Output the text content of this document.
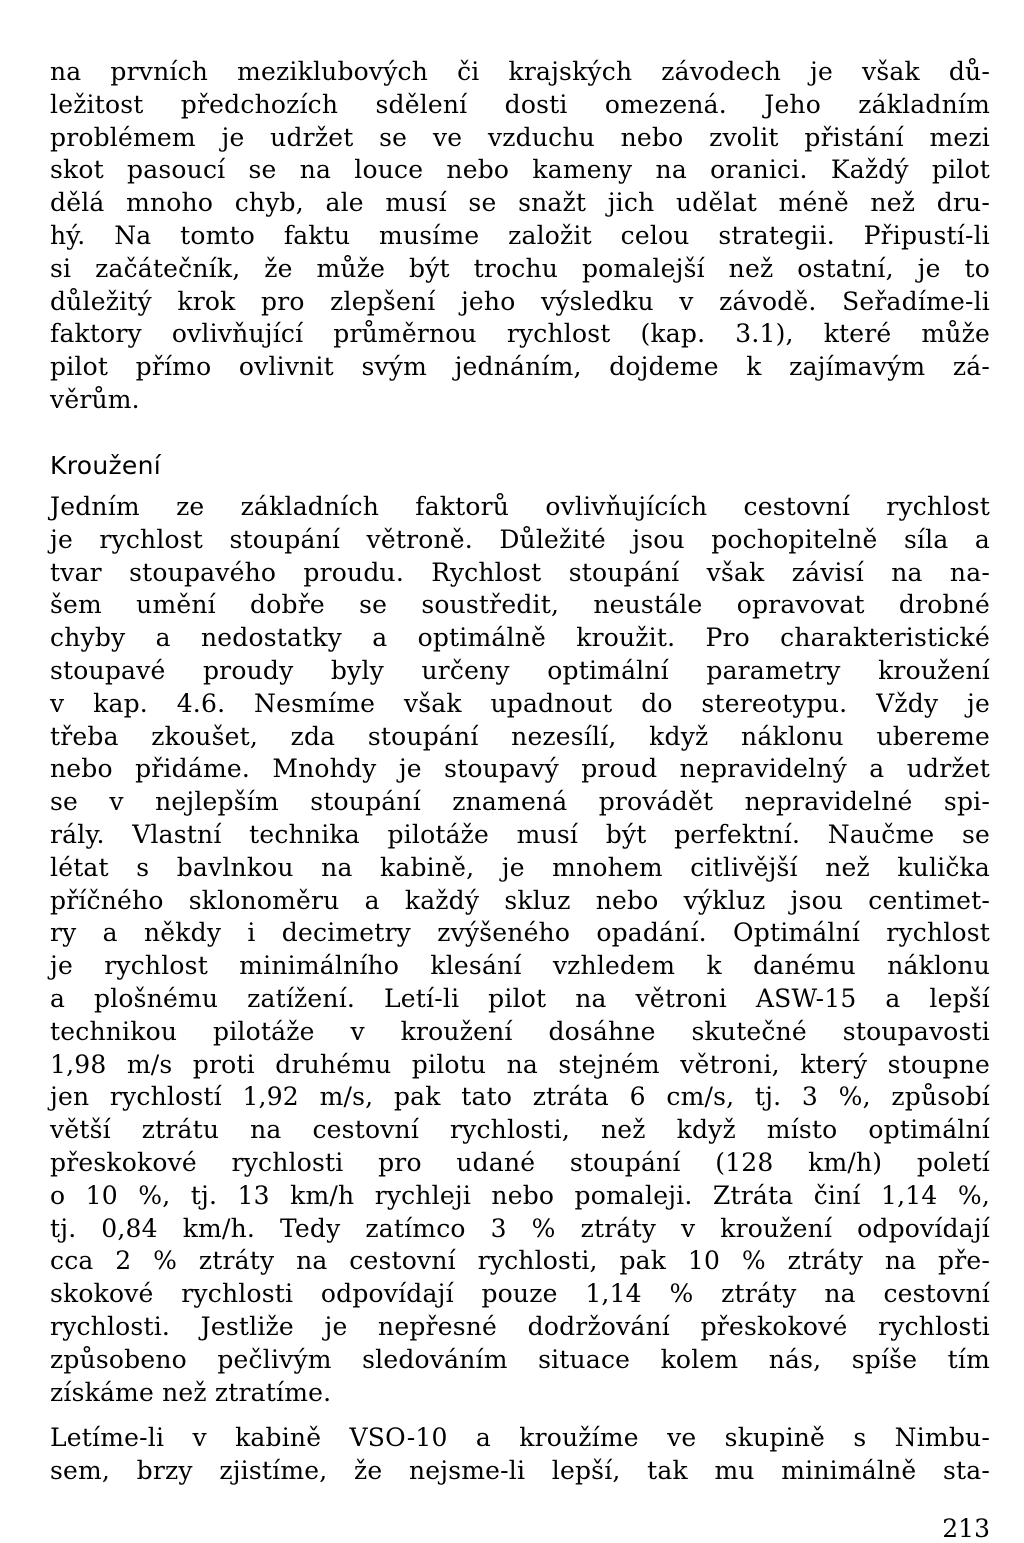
na prvních meziklubových či krajských závodech je však dů-
ležitost předchozích sdělení dosti omezená. Jeho základním
problémem je udržet se ve vzduchu nebo zvolit přistání mezi
skot pasoucí se na louce nebo kameny na oranici. Každý pilot
dělá mnoho chyb, ale musí se snažt jich udělat méně než dru-
hý. Na tomto faktu musíme založit celou strategii. Připustí-li
si začátečník, že může být trochu pomalejší než ostatní, je to
důležitý krok pro zlepšení jeho výsledku v závodě. Seřadíme-li
faktory ovlivňující průměrnou rychlost (kap. 3.1), které může
pilot přímo ovlivnit svým jednáním, dojdeme k zajímavým zá-
věrům.
Kroužení
Jedním ze základních faktorů ovlivňujících cestovní rychlost
je rychlost stoupání větroně. Důležité jsou pochopitelně síla a
tvar stoupavého proudu. Rychlost stoupání však závisí na na-
šem umění dobře se soustředit, neustále opravovat drobné
chyby a nedostatky a optimálně kroužit. Pro charakteristické
stoupavé proudy byly určeny optimální parametry kroužení
v kap. 4.6. Nesmíme však upadnout do stereotypu. Vždy je
třeba zkoušet, zda stoupání nezesílí, když náklonu ubereme
nebo přidáme. Mnohdy je stoupavý proud nepravidelný a udržet
se v nejlepším stoupání znamená provádět nepravidelné spi-
rály. Vlastní technika pilotáže musí být perfektní. Naučme se
létat s bavlnkou na kabině, je mnohem citlivější než kulička
příčného sklonoměru a každý skluz nebo výkluz jsou centimet-
ry a někdy i decimetry zvýšeného opadání. Optimální rychlost
je rychlost minimálního klesání vzhledem k danému náklonu
a plošnému zatížení. Letí-li pilot na větroni ASW-15 a lepší
technikou pilotáže v kroužení dosáhne skutečné stoupavosti
1,98 m/s proti druhému pilotu na stejném větroni, který stoupne
jen rychlostí 1,92 m/s, pak tato ztráta 6 cm/s, tj. 3 %, způsobí
větší ztrátu na cestovní rychlosti, než když místo optimální
přeskokové rychlosti pro udané stoupání (128 km/h) poletí
o 10 %, tj. 13 km/h rychleji nebo pomaleji. Ztráta činí 1,14 %,
tj. 0,84 km/h. Tedy zatímco 3 % ztráty v kroužení odpovídají
cca 2 % ztráty na cestovní rychlosti, pak 10 % ztráty na pře-
skokové rychlosti odpovídají pouze 1,14 % ztráty na cestovní
rychlosti. Jestliže je nepřesné dodržování přeskokové rychlosti
způsobeno pečlivým sledováním situace kolem nás, spíše tím
získáme než ztratíme.
Letíme-li v kabině VSO-10 a kroužíme ve skupině s Nimbu-
sem, brzy zjistíme, že nejsme-li lepší, tak mu minimálně sta-
213
